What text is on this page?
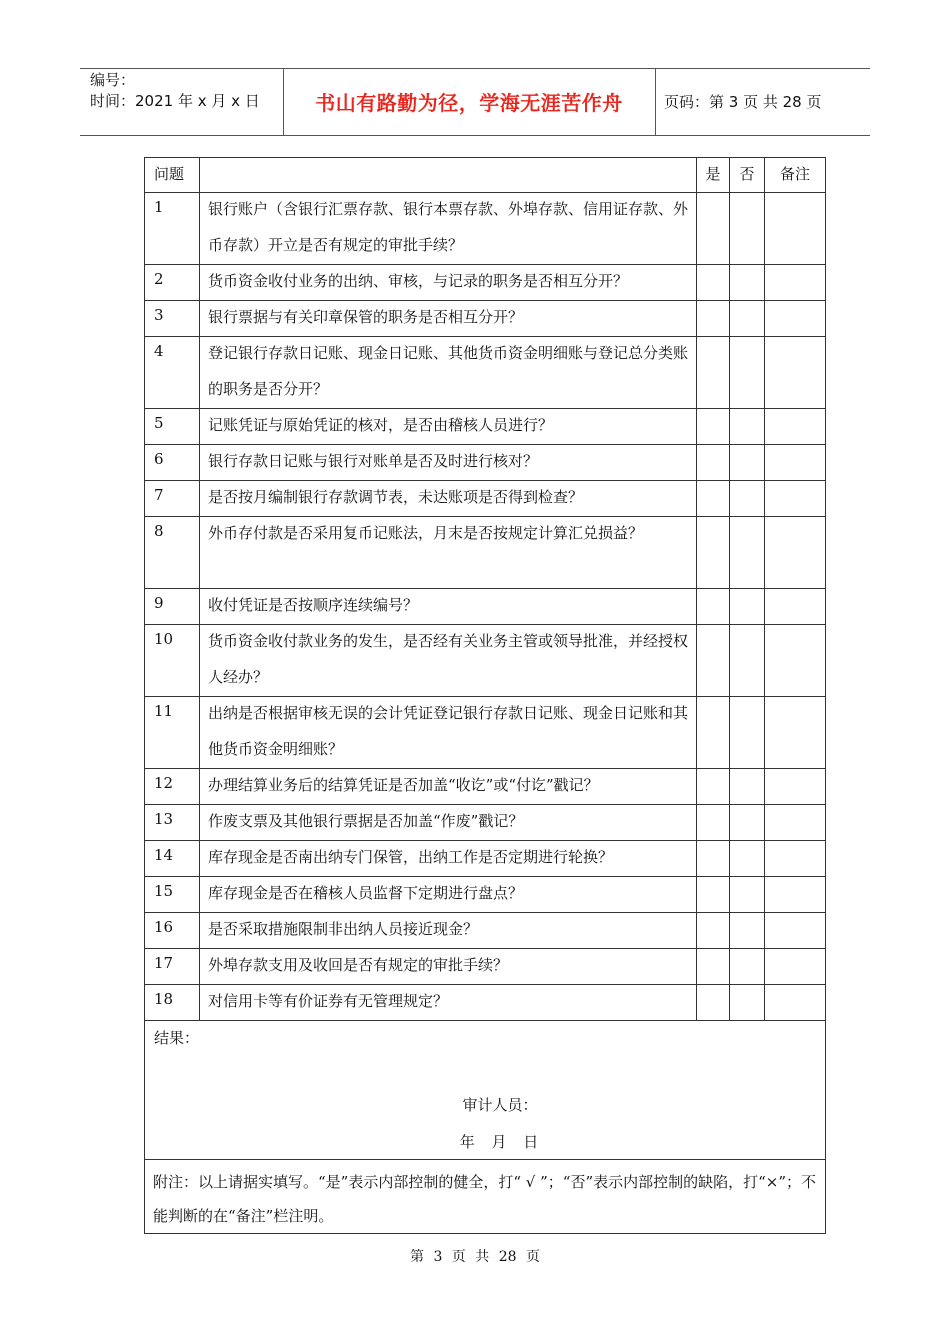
编号：
时间：2021 年 x 月 x 日	书山有路勤为径，学海无涯苦作舟	页码：第 3 页 共 28 页
问题		是	否	备注

1	银行账户（含银行汇票存款、银行本票存款、外埠存款、信用证存款、外币存款）开立是否有规定的审批手续？			

2	货币资金收付业务的出纳、审核，与记录的职务是否相互分开？			

3	银行票据与有关印章保管的职务是否相互分开？			

4	登记银行存款日记账、现金日记账、其他货币资金明细账与登记总分类账的职务是否分开？			

5	记账凭证与原始凭证的核对，是否由稽核人员进行？			

6	银行存款日记账与银行对账单是否及时进行核对？			

7	是否按月编制银行存款调节表，未达账项是否得到检查？			

8	外币存付款是否采用复币记账法，月末是否按规定计算汇兑损益？			

9	收付凭证是否按顺序连续编号？			

10	货币资金收付款业务的发生，是否经有关业务主管或领导批准，并经授权人经办？			

11	出纳是否根据审核无误的会计凭证登记银行存款日记账、现金日记账和其他货币资金明细账？			

12	办理结算业务后的结算凭证是否加盖“收讫”或“付讫”戳记？			

13	作废支票及其他银行票据是否加盖“作废”戳记？			

14	库存现金是否南出纳专门保管，出纳工作是否定期进行轮换？			

15	库存现金是否在稽核人员监督下定期进行盘点？			

16	是否采取措施限制非出纳人员接近现金？			

17	外埠存款支用及收回是否有规定的审批手续？			

18	对信用卡等有价证券有无管理规定？			

结果：
审计人员：
年 月 日				

附注：以上请据实填写。“是”表示内部控制的健全，打“ √ ”；“否”表示内部控制的缺陷，打“×”；不能判断的在“备注”栏注明。				
第 3 页 共 28 页
